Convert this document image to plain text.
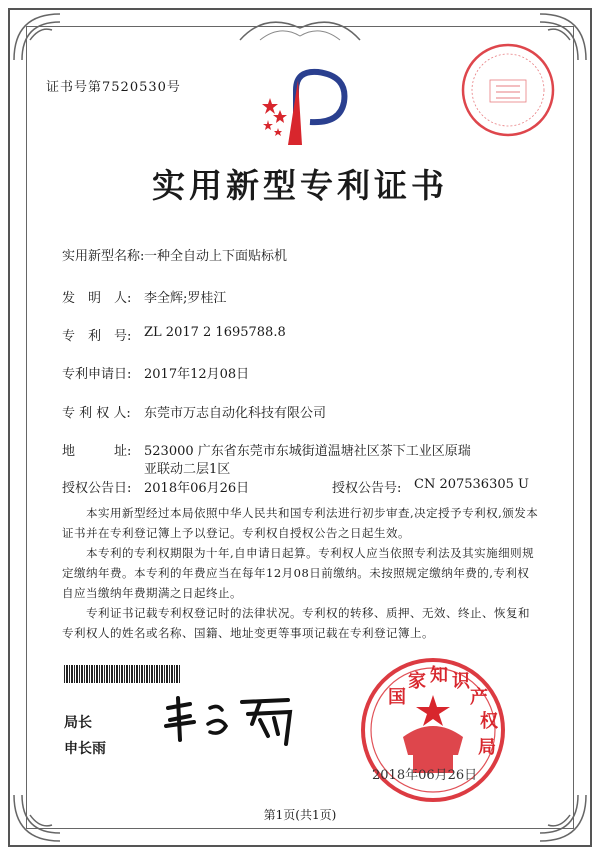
证书号第7520530号
实用新型专利证书
实用新型名称: 一种全自动上下面贴标机
发　明　人: 李全辉;罗桂江
专　利　号: ZL 2017 2 1695788.8
专利申请日: 2017年12月08日
专 利 权 人: 东莞市万志自动化科技有限公司
地　　　址: 523000 广东省东莞市东城街道温塘社区茶下工业区原瑞
亚联动二层1区
授权公告日: 2018年06月26日	授权公告号: CN 207536305 U

本实用新型经过本局依照中华人民共和国专利法进行初步审查,决定授予专利权,颁发本证书并在专利登记簿上予以登记。专利权自授权公告之日起生效。

本专利的专利权期限为十年,自申请日起算。专利权人应当依照专利法及其实施细则规定缴纳年费。本专利的年费应当在每年12月08日前缴纳。未按照规定缴纳年费的,专利权自应当缴纳年费期满之日起终止。

专利证书记载专利权登记时的法律状况。专利权的转移、质押、无效、终止、恢复和专利权人的姓名或名称、国籍、地址变更等事项记载在专利登记簿上。

局长
申长雨
国
家 知 识
产
权
局
2018年06月26日
第1页(共1页)
